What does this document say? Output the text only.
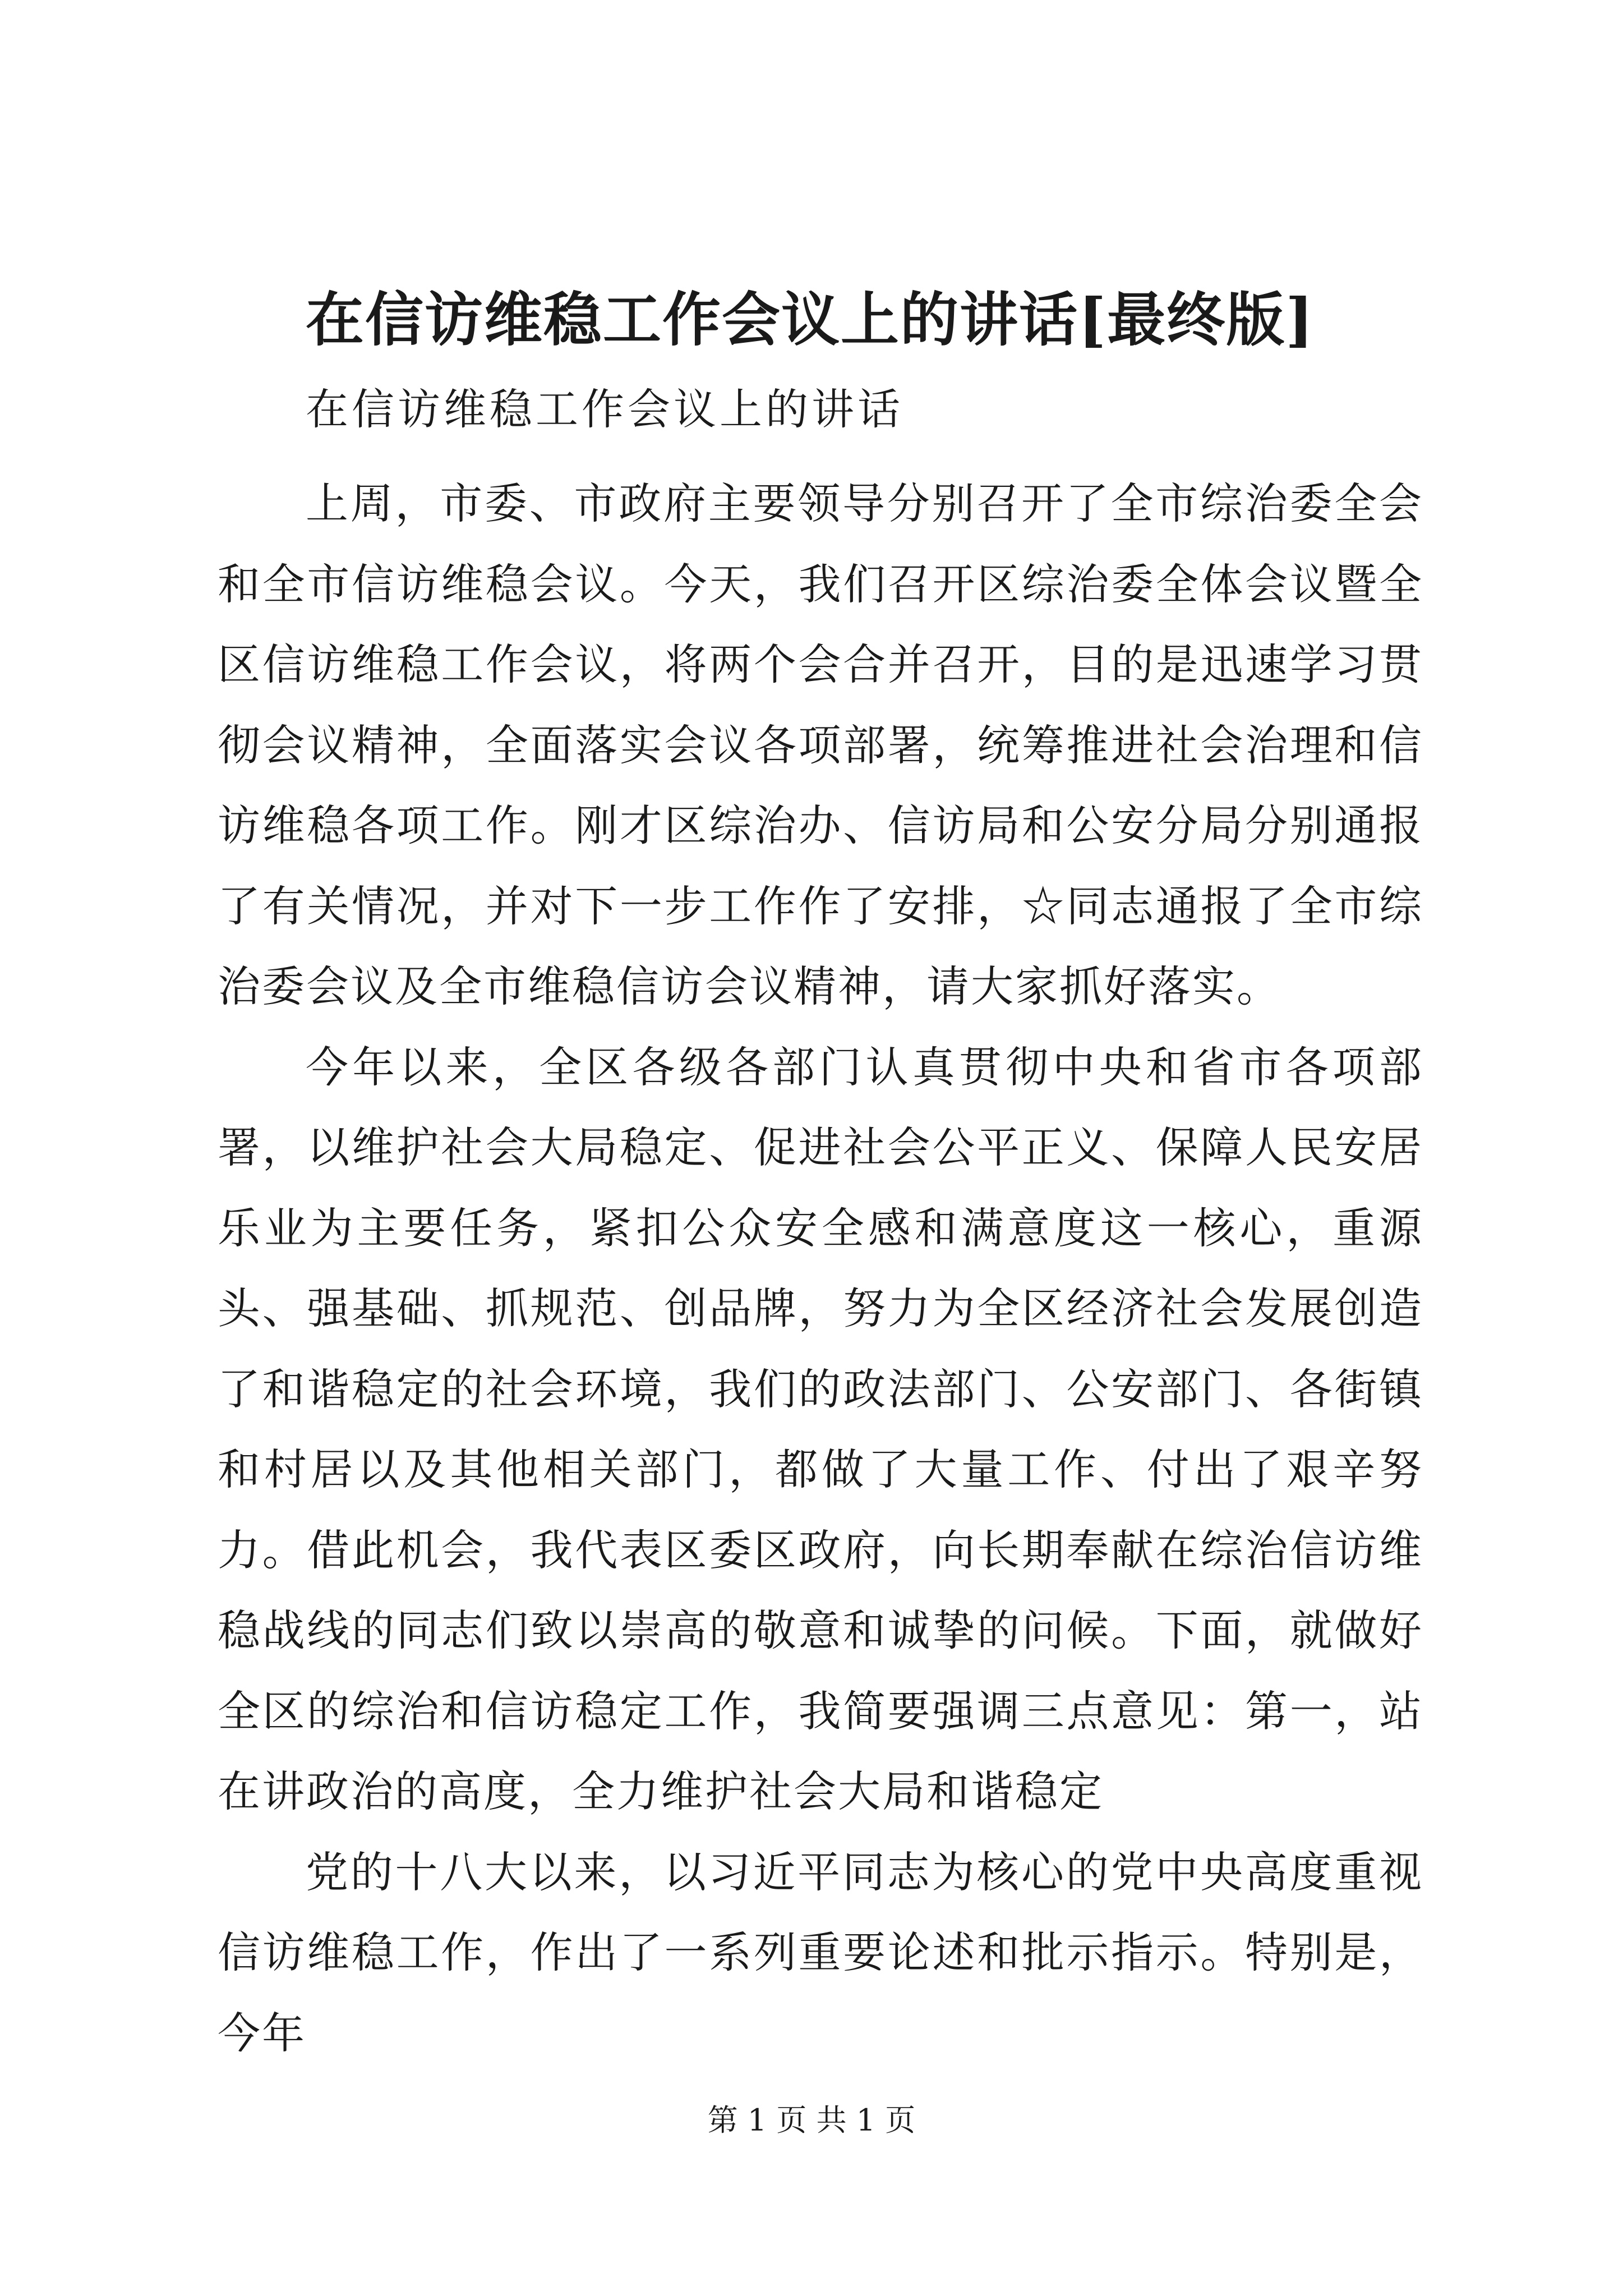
在信访维稳工作会议上的讲话[最终版]
在信访维稳工作会议上的讲话

上周，市委、市政府主要领导分别召开了全市综治委全会和全市信访维稳会议。今天，我们召开区综治委全体会议暨全区信访维稳工作会议，将两个会合并召开，目的是迅速学习贯彻会议精神，全面落实会议各项部署，统筹推进社会治理和信访维稳各项工作。刚才区综治办、信访局和公安分局分别通报了有关情况，并对下一步工作作了安排，☆同志通报了全市综治委会议及全市维稳信访会议精神，请大家抓好落实。

今年以来，全区各级各部门认真贯彻中央和省市各项部署，以维护社会大局稳定、促进社会公平正义、保障人民安居乐业为主要任务，紧扣公众安全感和满意度这一核心，重源头、强基础、抓规范、创品牌，努力为全区经济社会发展创造了和谐稳定的社会环境，我们的政法部门、公安部门、各街镇和村居以及其他相关部门，都做了大量工作、付出了艰辛努力。借此机会，我代表区委区政府，向长期奉献在综治信访维稳战线的同志们致以崇高的敬意和诚挚的问候。下面，就做好全区的综治和信访稳定工作，我简要强调三点意见：第一，站在讲政治的高度，全力维护社会大局和谐稳定

党的十八大以来，以习近平同志为核心的党中央高度重视信访维稳工作，作出了一系列重要论述和批示指示。特别是，今年

第 1 页 共 1 页
